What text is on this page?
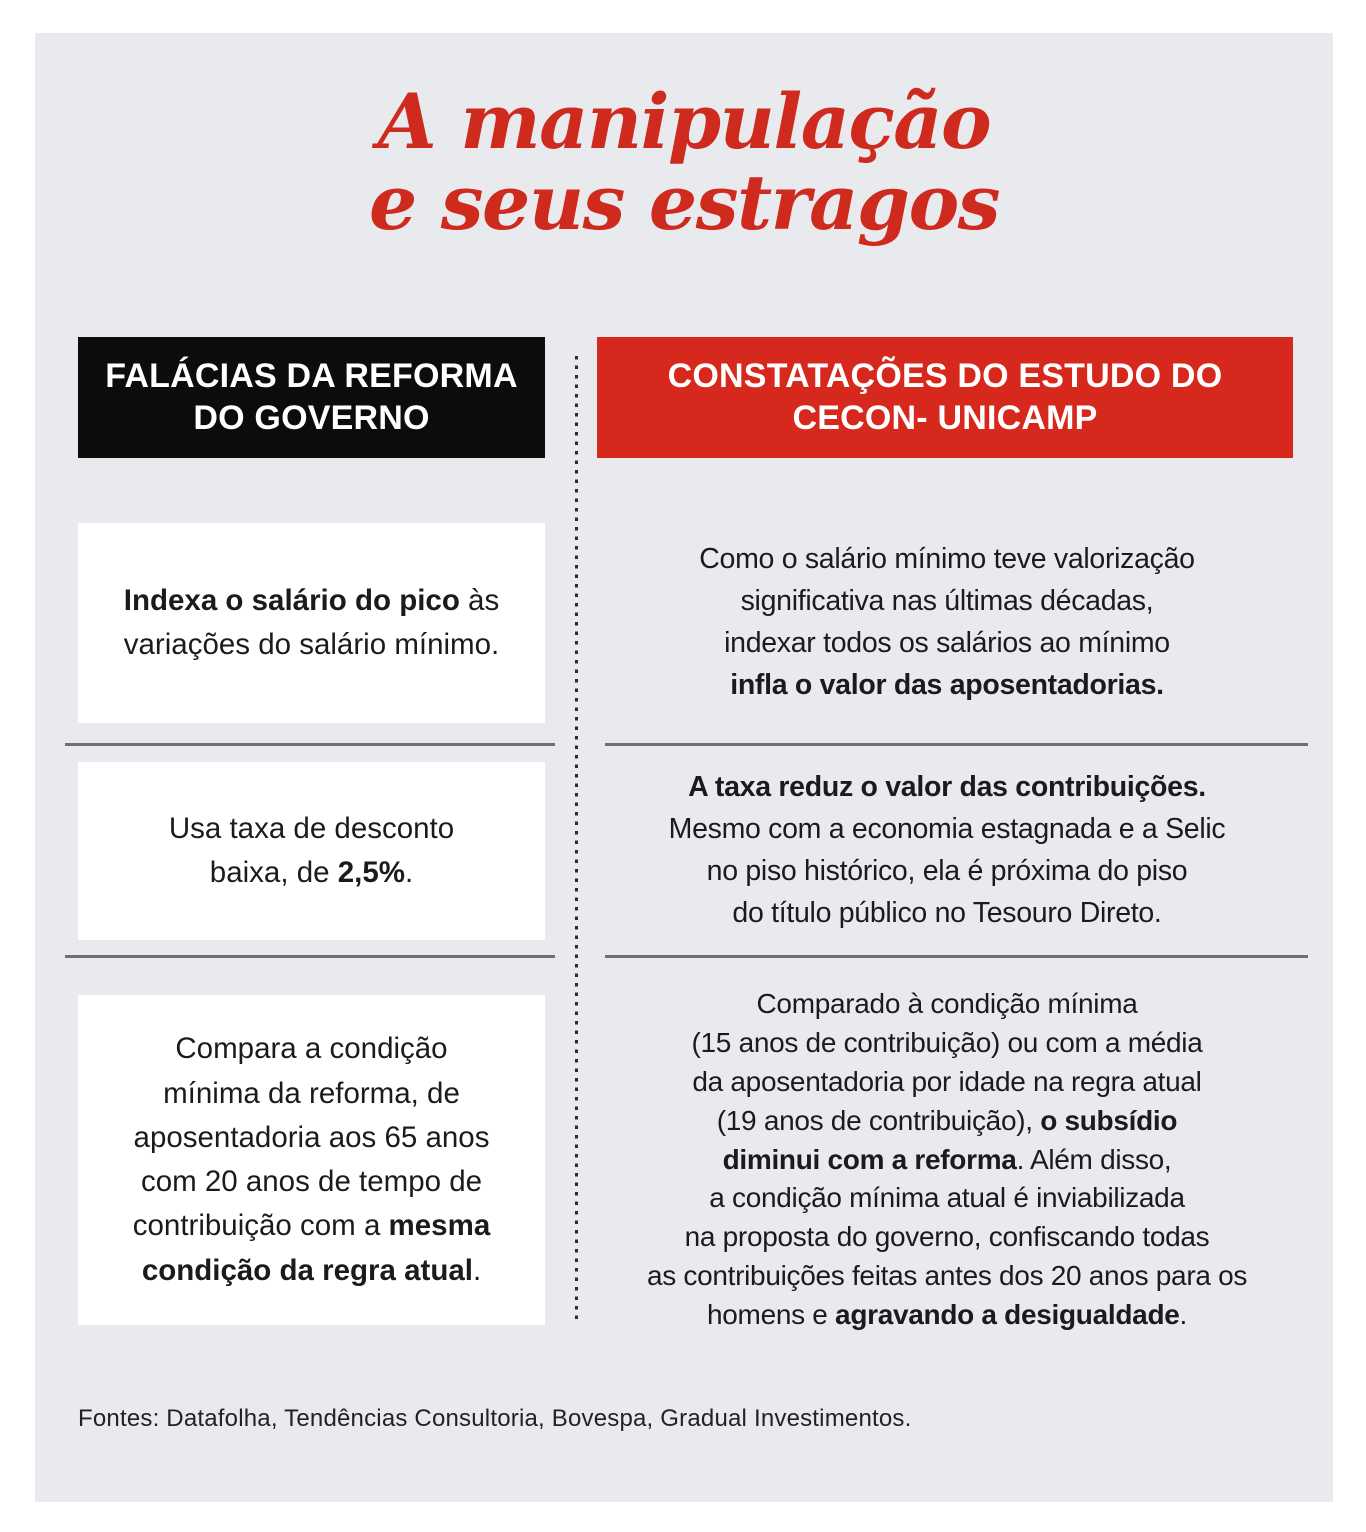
A manipulação
e seus estragos
FALÁCIAS DA REFORMA DO GOVERNO
CONSTATAÇÕES DO ESTUDO DO CECON- UNICAMP

Indexa o salário do pico às
variações do salário mínimo.

Como o salário mínimo teve valorização
significativa nas últimas décadas,
indexar todos os salários ao mínimo
infla o valor das aposentadorias.

Usa taxa de desconto
baixa, de 2,5%.

A taxa reduz o valor das contribuições.
Mesmo com a economia estagnada e a Selic
no piso histórico, ela é próxima do piso
do título público no Tesouro Direto.

Compara a condição
mínima da reforma, de
aposentadoria aos 65 anos
com 20 anos de tempo de
contribuição com a mesma
condição da regra atual.

Comparado à condição mínima
(15 anos de contribuição) ou com a média
da aposentadoria por idade na regra atual
(19 anos de contribuição), o subsídio
diminui com a reforma. Além disso,
a condição mínima atual é inviabilizada
na proposta do governo, confiscando todas
as contribuições feitas antes dos 20 anos para os
homens e agravando a desigualdade.

Fontes: Datafolha, Tendências Consultoria, Bovespa, Gradual Investimentos.
